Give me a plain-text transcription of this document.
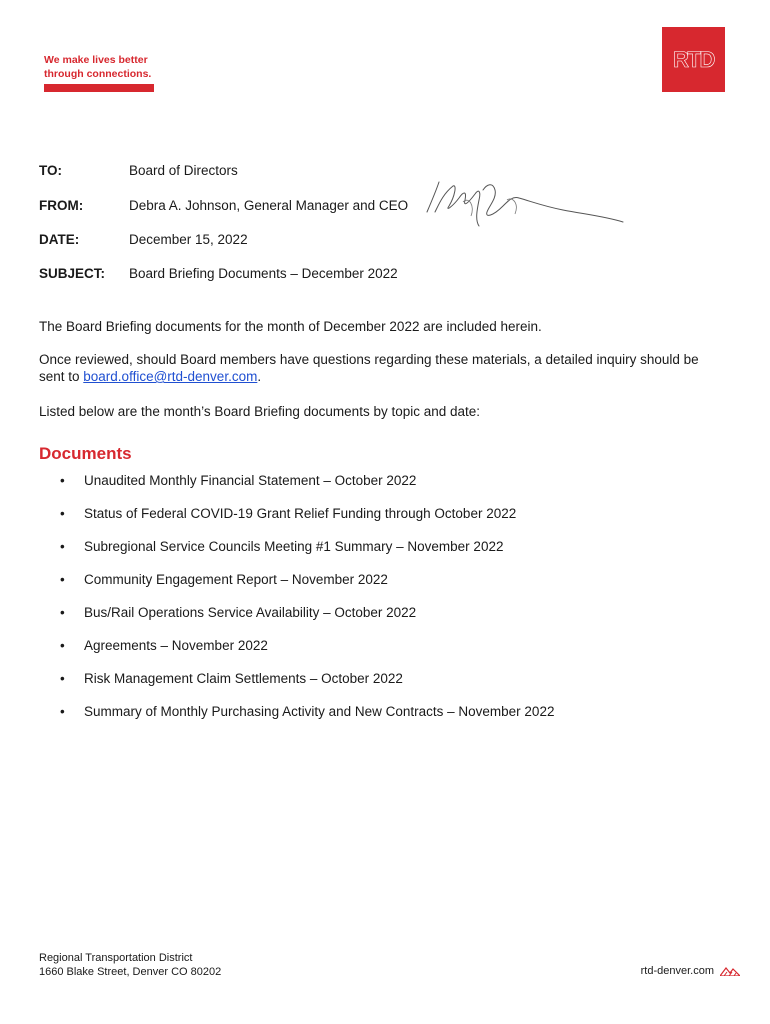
We make lives better
through connections.
RTD
TO:	Board of Directors
FROM:	Debra A. Johnson, General Manager and CEO
DATE:	December 15, 2022
SUBJECT: Board Briefing Documents – December 2022
The Board Briefing documents for the month of December 2022 are included herein.
Once reviewed, should Board members have questions regarding these materials, a detailed inquiry should be sent to board.office@rtd-denver.com.
Listed below are the month’s Board Briefing documents by topic and date:
Documents
• Unaudited Monthly Financial Statement – October 2022
• Status of Federal COVID-19 Grant Relief Funding through October 2022
• Subregional Service Councils Meeting #1 Summary – November 2022
• Community Engagement Report – November 2022
• Bus/Rail Operations Service Availability – October 2022
• Agreements – November 2022
• Risk Management Claim Settlements – October 2022
• Summary of Monthly Purchasing Activity and New Contracts – November 2022
Regional Transportation District
1660 Blake Street, Denver CO 80202	rtd-denver.com
